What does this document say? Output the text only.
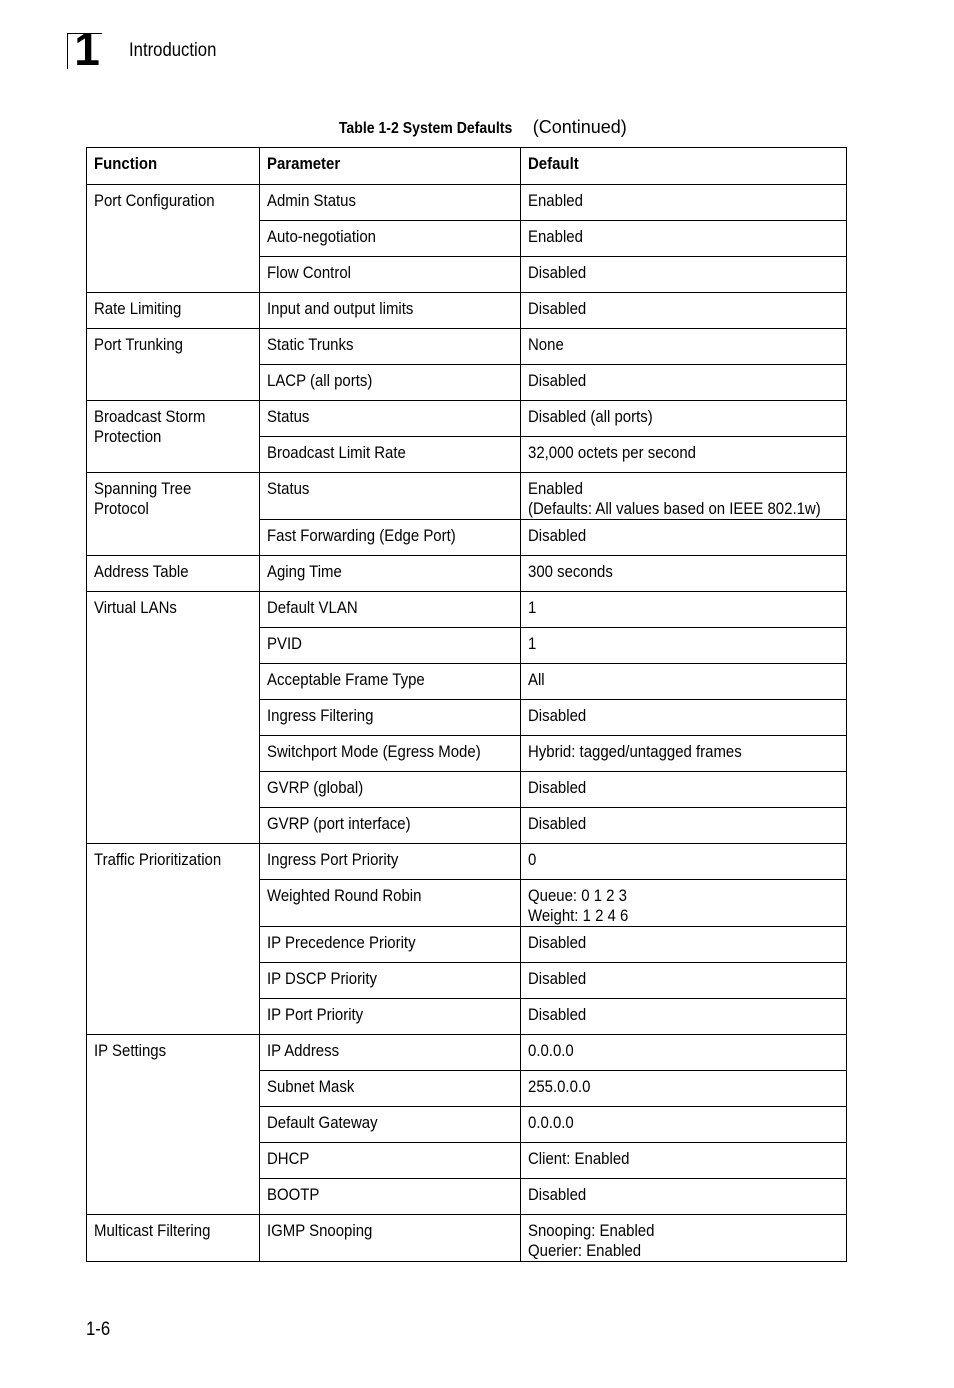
1 Introduction
Table 1-2 System Defaults (Continued)
Function	Parameter	Default
Port Configuration	Admin Status	Enabled
	Auto-negotiation	Enabled
	Flow Control	Disabled
Rate Limiting	Input and output limits	Disabled
Port Trunking	Static Trunks	None
	LACP (all ports)	Disabled
Broadcast Storm
Protection	Status	Disabled (all ports)
	Broadcast Limit Rate	32,000 octets per second
Spanning Tree
Protocol	Status	Enabled
(Defaults: All values based on IEEE 802.1w)
	Fast Forwarding (Edge Port)	Disabled
Address Table	Aging Time	300 seconds
Virtual LANs	Default VLAN	1
	PVID	1
	Acceptable Frame Type	All
	Ingress Filtering	Disabled
	Switchport Mode (Egress Mode)	Hybrid: tagged/untagged frames
	GVRP (global)	Disabled
	GVRP (port interface)	Disabled
Traffic Prioritization	Ingress Port Priority	0
	Weighted Round Robin	Queue: 0 1 2 3
Weight: 1 2 4 6
	IP Precedence Priority	Disabled
	IP DSCP Priority	Disabled
	IP Port Priority	Disabled
IP Settings	IP Address	0.0.0.0
	Subnet Mask	255.0.0.0
	Default Gateway	0.0.0.0
	DHCP	Client: Enabled
	BOOTP	Disabled
Multicast Filtering	IGMP Snooping	Snooping: Enabled
Querier: Enabled
1-6
